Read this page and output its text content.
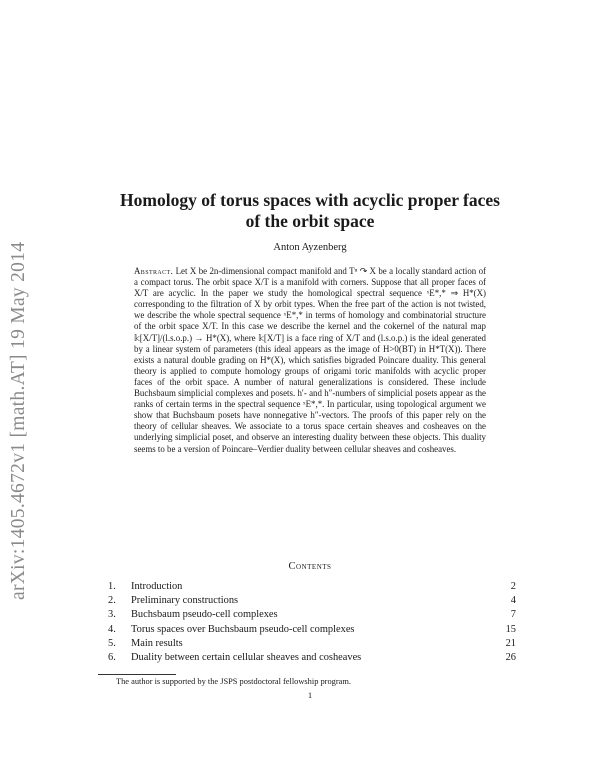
arXiv:1405.4672v1 [math.AT] 19 May 2014
Homology of torus spaces with acyclic proper faces
of the orbit space
Anton Ayzenberg
Abstract. Let X be 2n-dimensional compact manifold and Tⁿ ↷ X be a locally standard action of a compact torus. The orbit space X/T is a manifold with corners. Suppose that all proper faces of X/T are acyclic. In the paper we study the homological spectral sequence ˣE*,* ⇒ H*(X) corresponding to the filtration of X by orbit types. When the free part of the action is not twisted, we describe the whole spectral sequence ˣE*,* in terms of homology and combinatorial structure of the orbit space X/T. In this case we describe the kernel and the cokernel of the natural map 𝕜[X/T]/(l.s.o.p.) → H*(X), where 𝕜[X/T] is a face ring of X/T and (l.s.o.p.) is the ideal generated by a linear system of parameters (this ideal appears as the image of H>0(BT) in H*T(X)). There exists a natural double grading on H*(X), which satisfies bigraded Poincare duality. This general theory is applied to compute homology groups of origami toric manifolds with acyclic proper faces of the orbit space. A number of natural generalizations is considered. These include Buchsbaum simplicial complexes and posets. h′- and h″-numbers of simplicial posets appear as the ranks of certain terms in the spectral sequence ˣE*,*. In particular, using topological argument we show that Buchsbaum posets have nonnegative h″-vectors. The proofs of this paper rely on the theory of cellular sheaves. We associate to a torus space certain sheaves and cosheaves on the underlying simplicial poset, and observe an interesting duality between these objects. This duality seems to be a version of Poincare–Verdier duality between cellular sheaves and cosheaves.
Contents
1. Introduction	2
2. Preliminary constructions	4
3. Buchsbaum pseudo-cell complexes	7
4. Torus spaces over Buchsbaum pseudo-cell complexes	15
5. Main results	21
6. Duality between certain cellular sheaves and cosheaves	26
The author is supported by the JSPS postdoctoral fellowship program.
1
